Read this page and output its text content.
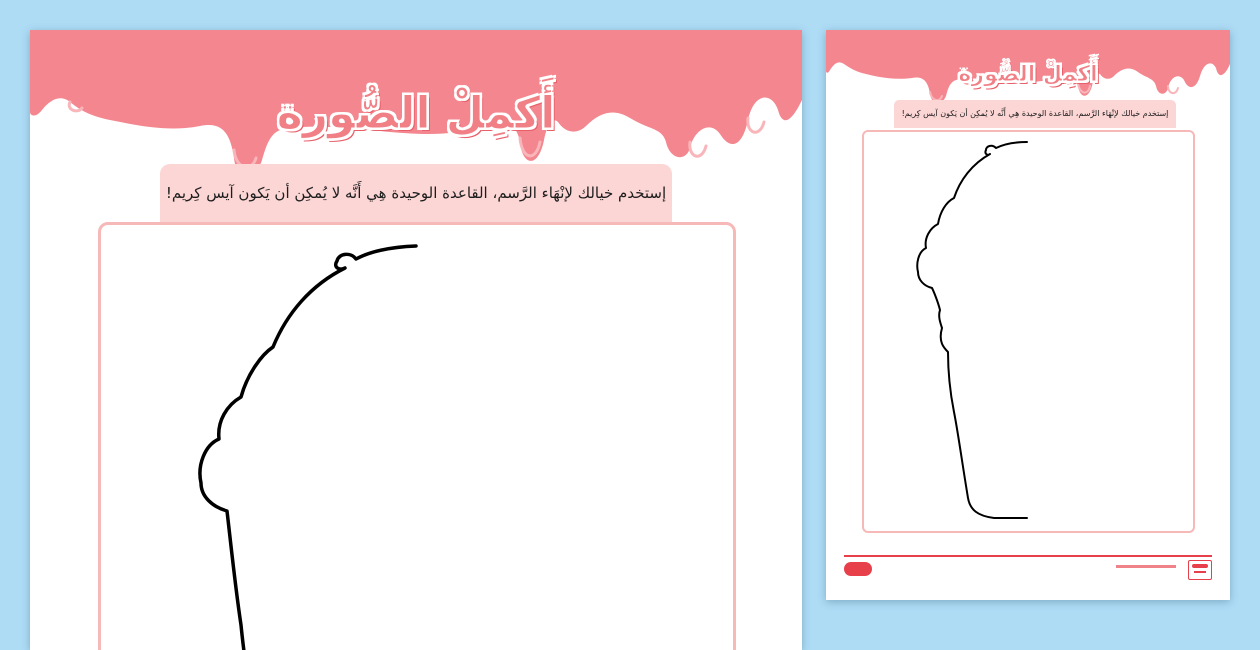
أَكمِلْ الصُّورة
إستخدم خيالك لإنْهَاء الرَّسم، القاعدة الوحيدة هِي أَنَّه لا يُمكِن أن يَكون آيس كِريم!
أَكمِلْ الصُّورة
إستخدم خيالك لإنْهَاء الرَّسم، القاعدة الوحيدة هِي أَنَّه لا يُمكِن أن يَكون آيس كِريم!
